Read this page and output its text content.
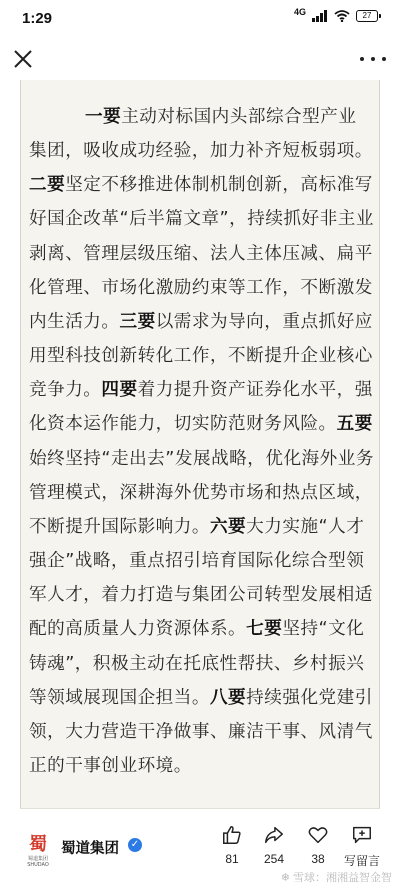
1:29	4G	27
一要主动对标国内头部综合型产业集团，吸收成功经验，加力补齐短板弱项。二要坚定不移推进体制机制创新，高标准写好国企改革“后半篇文章”，持续抓好非主业剥离、管理层级压缩、法人主体压减、扁平化管理、市场化激励约束等工作，不断激发内生活力。三要以需求为导向，重点抓好应用型科技创新转化工作，不断提升企业核心竞争力。四要着力提升资产证券化水平，强化资本运作能力，切实防范财务风险。五要始终坚持“走出去”发展战略，优化海外业务管理模式，深耕海外优势市场和热点区域，不断提升国际影响力。六要大力实施“人才强企”战略，重点招引培育国际化综合型领军人才，着力打造与集团公司转型发展相适配的高质量人力资源体系。七要坚持“文化铸魂”，积极主动在托底性帮扶、乡村振兴等领域展现国企担当。八要持续强化党建引领，大力营造干净做事、廉洁干事、风清气正的干事创业环境。
蜀
蜀道集团 SHUDAO
蜀道集团 ✓
81	254	38	写留言
❄ 雪球：湘湘益智金智
